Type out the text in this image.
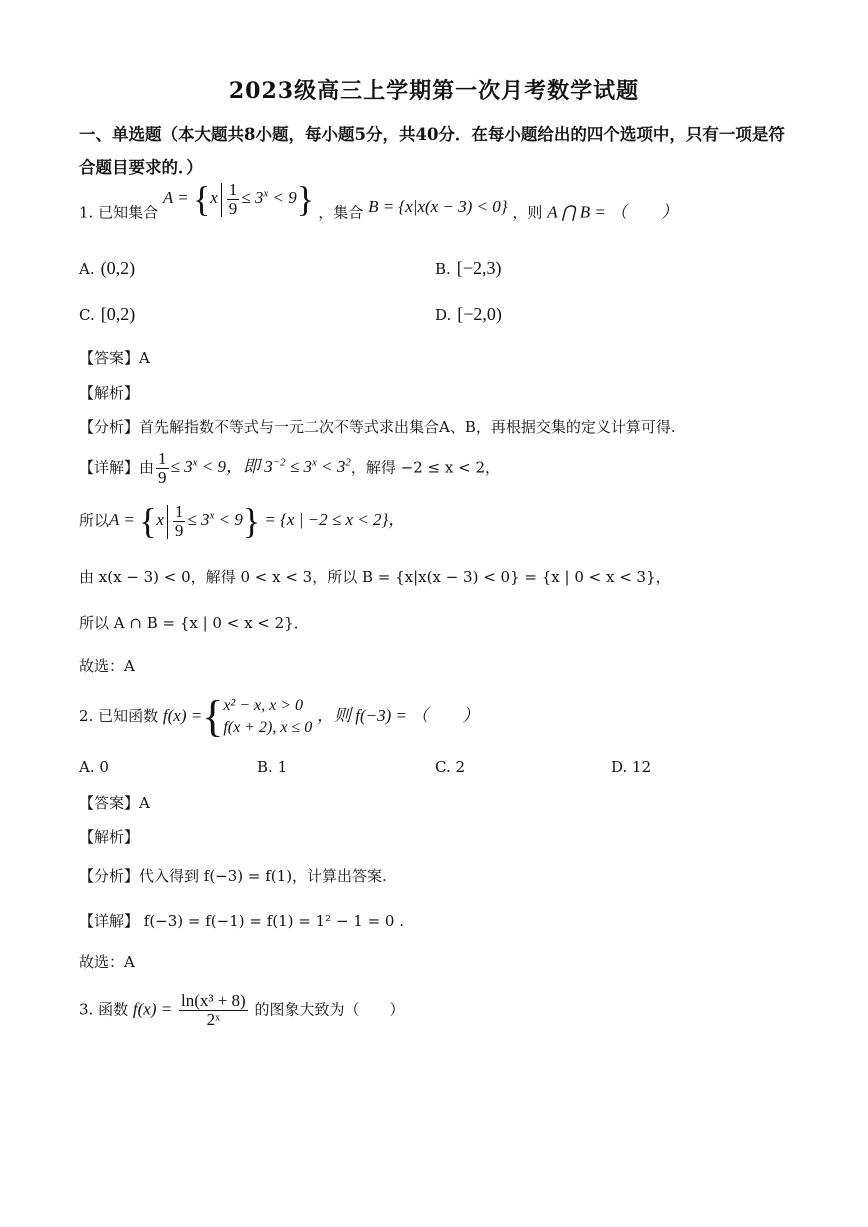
2023级高三上学期第一次月考数学试题
一、单选题（本大题共8小题，每小题5分，共40分．在每小题给出的四个选项中，只有一项是符合题目要求的．）
1. 已知集合 $A = \{x \frac{1}{9} \le 3^x < 9\}$ ，集合 B = {x|x(x − 3) < 0} ，则 A ⋂ B = （　　）
A. (0,2)	B. [−2,3)
C. [0,2)	D. [−2,0)
【答案】A
【解析】
【分析】首先解指数不等式与一元二次不等式求出集合A、B，再根据交集的定义计算可得.
【详解】由 $\frac{1}{9} \le 3^x < 9$，即 $3^{-2} \le 3^x < 3^2$，解得 −2 ≤ x < 2，
所以$A = \{x \frac{1}{9} \le 3^x < 9\} = \{x$ | −2 ≤ x < 2}，
由 x(x − 3) < 0，解得 0 < x < 3，所以 B = {x|x(x − 3) < 0} = {x | 0 < x < 3}，
所以 A ∩ B = {x | 0 < x < 2}．
故选：A
2. 已知函数 f(x) ={ x² − x, x > 0
f(x + 2), x ≤ 0
，则 f(−3) = （　　）
A. 0	B. 1	C. 2	D. 12
【答案】A
【解析】
【分析】代入得到 f(−3) = f(1)，计算出答案.
【详解】 f(−3) = f(−1) = f(1) = 1² − 1 = 0 .
故选：A
3. 函数 $f(x) = \frac{\text{ln(x³ + 8)}}{\text{2ˣ}}$ 的图象大致为（　　）
